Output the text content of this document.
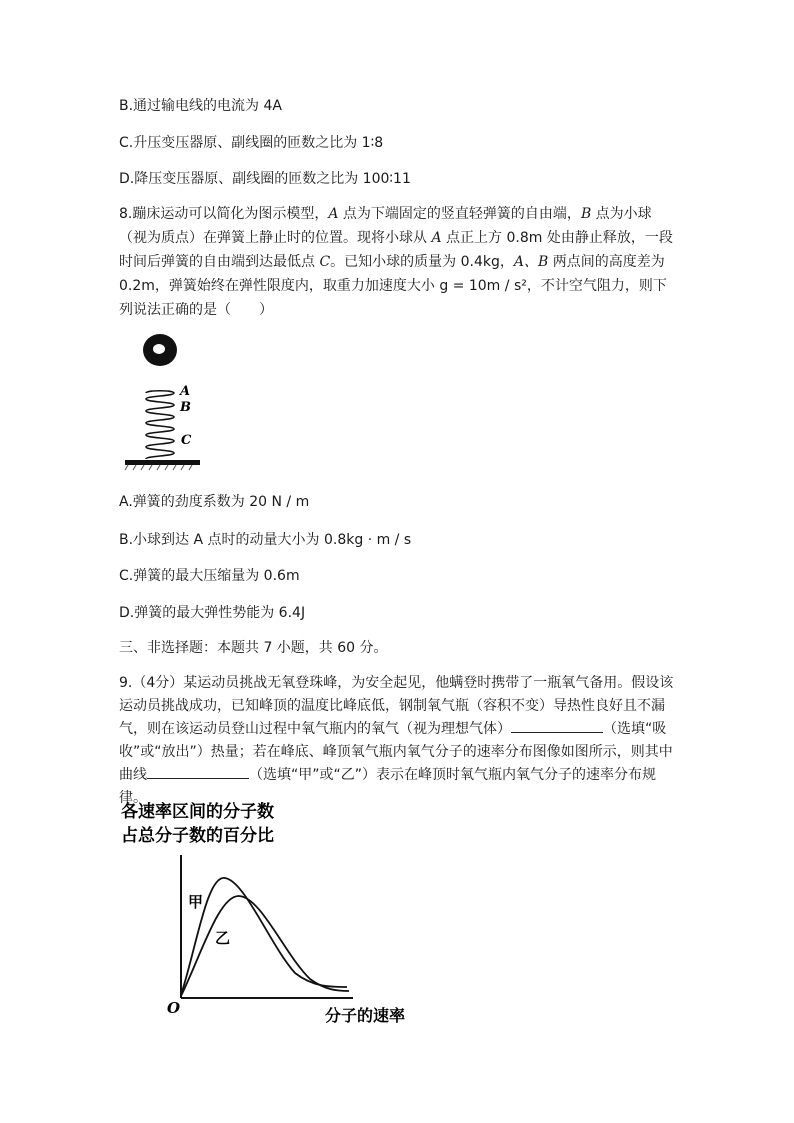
B.通过输电线的电流为 4A
C.升压变压器原、副线圈的匝数之比为 1∶8
D.降压变压器原、副线圈的匝数之比为 100∶11
8.蹦床运动可以简化为图示模型，A 点为下端固定的竖直轻弹簧的自由端，B 点为小球（视为质点）在弹簧上静止时的位置。现将小球从 A 点正上方 0.8m 处由静止释放，一段时间后弹簧的自由端到达最低点 C。已知小球的质量为 0.4kg，A、B 两点间的高度差为 0.2m，弹簧始终在弹性限度内，取重力加速度大小 g = 10m / s²，不计空气阻力，则下列说法正确的是（　　）
A
B
C
A.弹簧的劲度系数为 20 N / m
B.小球到达 A 点时的动量大小为 0.8kg · m / s
C.弹簧的最大压缩量为 0.6m
D.弹簧的最大弹性势能为 6.4J
三、非选择题：本题共 7 小题，共 60 分。
9.（4分）某运动员挑战无氧登珠峰，为安全起见，他螨登时携带了一瓶氧气备用。假设该运动员挑战成功，已知峰顶的温度比峰底低，钢制氧气瓶（容积不变）导热性良好且不漏气，则在该运动员登山过程中氧气瓶内的氧气（视为理想气体）	（选填“吸收”或“放出”）热量；若在峰底、峰顶氧气瓶内氧气分子的速率分布图像如图所示，则其中曲线	（选填“甲”或“乙”）表示在峰顶时氧气瓶内氧气分子的速率分布规律。
各速率区间的分子数
占总分子数的百分比
甲
乙
O	分子的速率
